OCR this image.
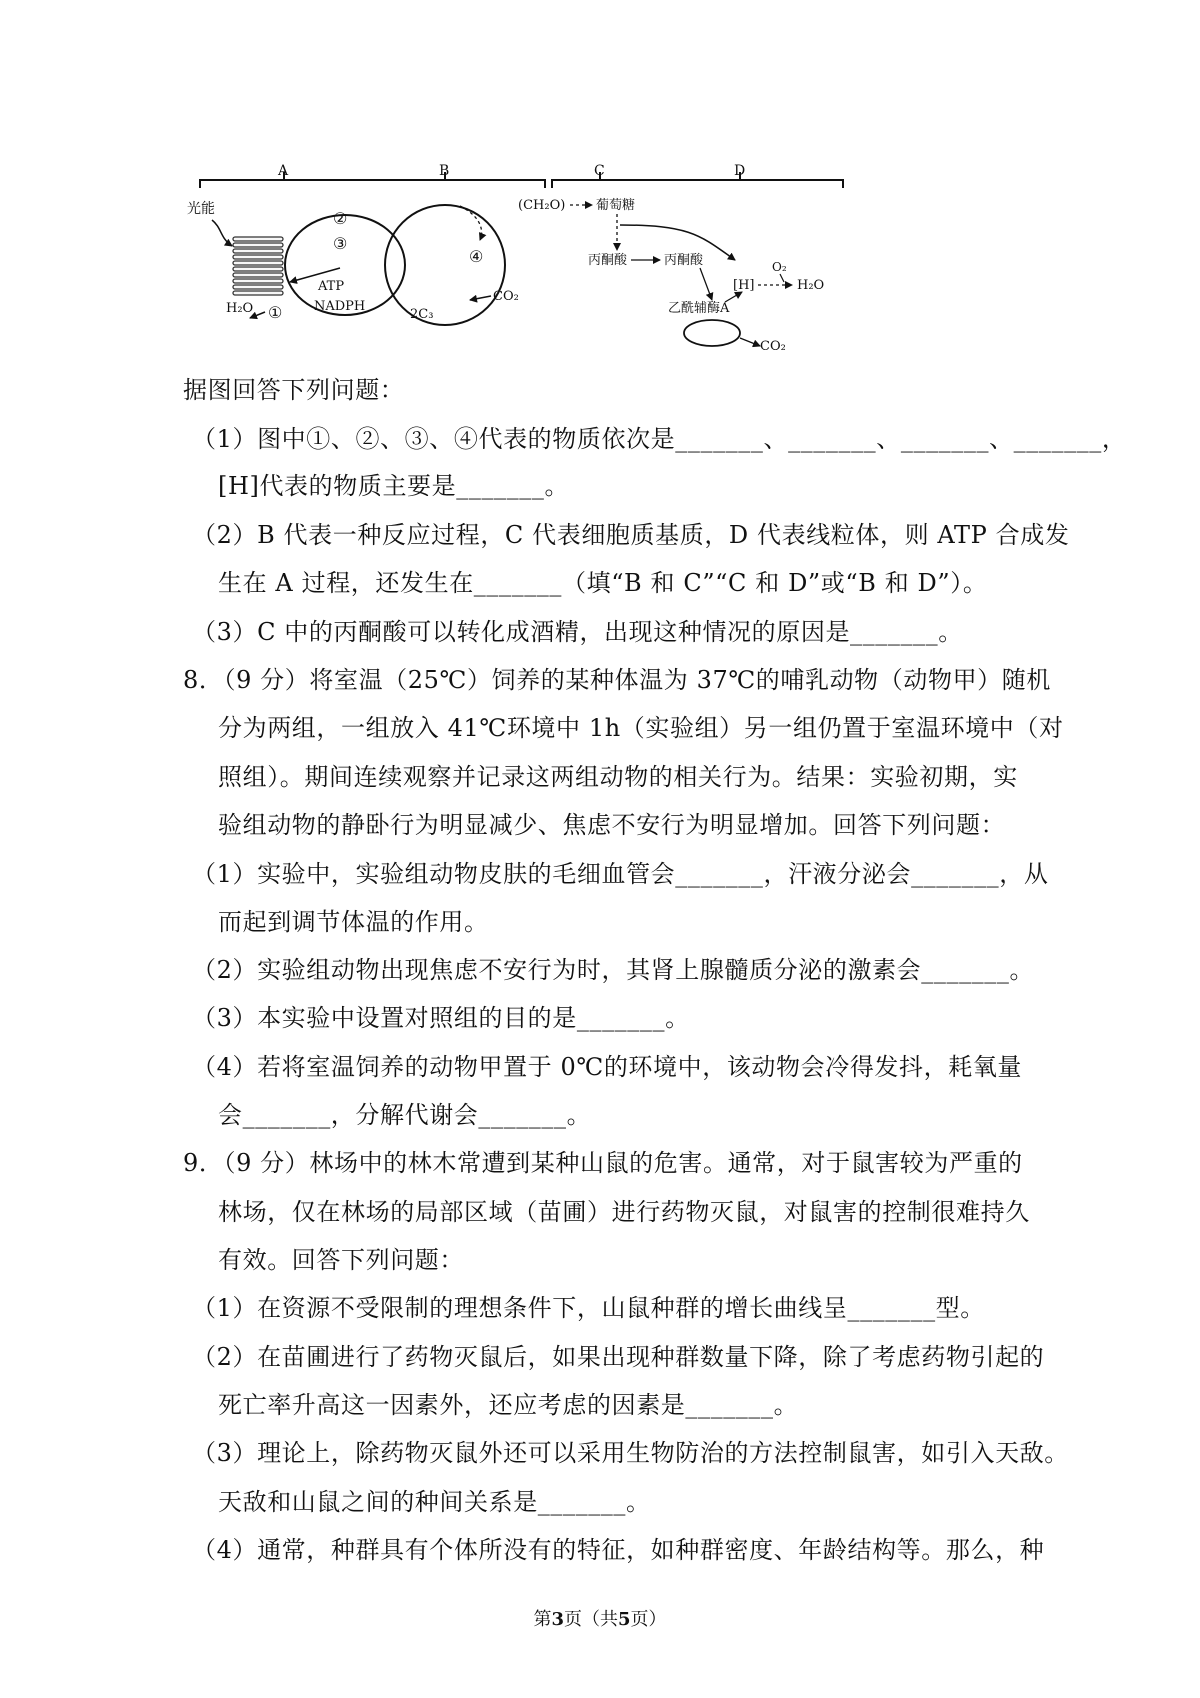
A	B	C	D
光能	②
③
④
①
ATP
NADPH
H₂O	2C₃
CO₂
(CH₂O) 葡萄糖
丙酮酸	丙酮酸
[H]
O₂
H₂O
乙酰辅酶A
CO₂
据图回答下列问题：
（1）图中①、②、③、④代表的物质依次是_______、_______、_______、_______，
[H]代表的物质主要是_______。
（2）B 代表一种反应过程，C 代表细胞质基质，D 代表线粒体，则 ATP 合成发
生在 A 过程，还发生在_______（填“B 和 C”“C 和 D”或“B 和 D”）。
（3）C 中的丙酮酸可以转化成酒精，出现这种情况的原因是_______。
8．（9 分）将室温（25℃）饲养的某种体温为 37℃的哺乳动物（动物甲）随机
分为两组，一组放入 41℃环境中 1h（实验组）另一组仍置于室温环境中（对
照组）。期间连续观察并记录这两组动物的相关行为。结果：实验初期，实
验组动物的静卧行为明显减少、焦虑不安行为明显增加。回答下列问题：
（1）实验中，实验组动物皮肤的毛细血管会_______，汗液分泌会_______，从
而起到调节体温的作用。
（2）实验组动物出现焦虑不安行为时，其肾上腺髓质分泌的激素会_______。
（3）本实验中设置对照组的目的是_______。
（4）若将室温饲养的动物甲置于 0℃的环境中，该动物会冷得发抖，耗氧量
会_______，分解代谢会_______。
9．（9 分）林场中的林木常遭到某种山鼠的危害。通常，对于鼠害较为严重的
林场，仅在林场的局部区域（苗圃）进行药物灭鼠，对鼠害的控制很难持久
有效。回答下列问题：
（1）在资源不受限制的理想条件下，山鼠种群的增长曲线呈_______型。
（2）在苗圃进行了药物灭鼠后，如果出现种群数量下降，除了考虑药物引起的
死亡率升高这一因素外，还应考虑的因素是_______。
（3）理论上，除药物灭鼠外还可以采用生物防治的方法控制鼠害，如引入天敌。
天敌和山鼠之间的种间关系是_______。
（4）通常，种群具有个体所没有的特征，如种群密度、年龄结构等。那么，种
第3页（共5页）
